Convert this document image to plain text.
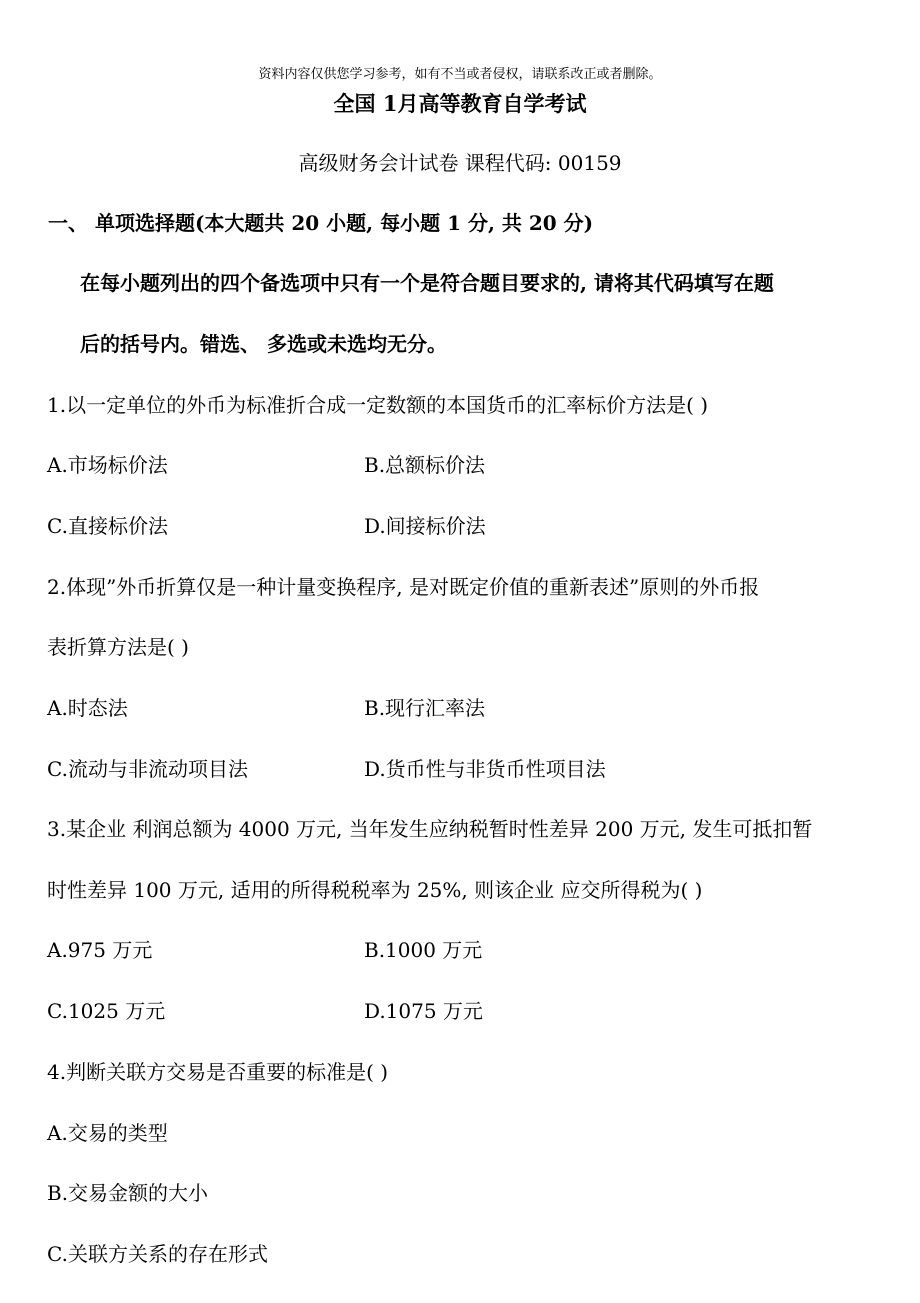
资料内容仅供您学习参考，如有不当或者侵权，请联系改正或者删除。
全国 1月高等教育自学考试
高级财务会计试卷 课程代码: 00159
一、 单项选择题(本大题共 20 小题, 每小题 1 分, 共 20 分)
在每小题列出的四个备选项中只有一个是符合题目要求的, 请将其代码填写在题
后的括号内。错选、 多选或未选均无分。
1.以一定单位的外币为标准折合成一定数额的本国货币的汇率标价方法是( )
A.市场标价法	B.总额标价法
C.直接标价法	D.间接标价法
2.体现”外币折算仅是一种计量变换程序, 是对既定价值的重新表述”原则的外币报
表折算方法是( )
A.时态法	B.现行汇率法
C.流动与非流动项目法	D.货币性与非货币性项目法
3.某企业 利润总额为 4000 万元, 当年发生应纳税暂时性差异 200 万元, 发生可抵扣暂
时性差异 100 万元, 适用的所得税税率为 25%, 则该企业 应交所得税为( )
A.975 万元	B.1000 万元
C.1025 万元	D.1075 万元
4.判断关联方交易是否重要的标准是( )
A.交易的类型
B.交易金额的大小
C.关联方关系的存在形式
